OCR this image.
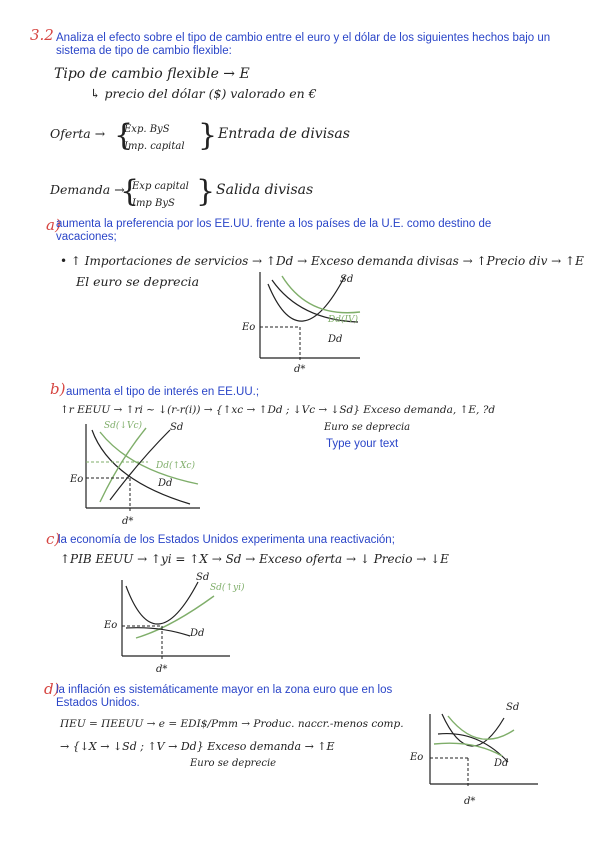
3.2 Analiza el efecto sobre el tipo de cambio entre el euro y el dólar de los siguientes hechos bajo un sistema de tipo de cambio flexible:
Tipo de cambio flexible → E
↳ precio del dólar ($) valorado en €
Oferta → {
Exp. ByS
Imp. capital } Entrada de divisas
Demanda →
{
Exp capital
Imp ByS } Salida divisas
a)
aumenta la preferencia por los EE.UU. frente a los países de la U.E. como destino de vacaciones;
• ↑ Importaciones de servicios → ↑Dd → Exceso demanda divisas → ↑Precio div → ↑E
El euro se deprecia	Sd
Dd
Dd(IV)
Eo
d*
b) aumenta el tipo de interés en EE.UU.;
↑r EEUU → ↑ri ∼ ↓(r-r(i)) → {↑xc → ↑Dd ; ↓Vc → ↓Sd} Exceso demanda, ↑E, ?d
Euro se deprecia
Type your text
Sd(↓Vc)	Sd
Dd(↑Xc)
Dd
Eo
d*
c)
la economía de los Estados Unidos experimenta una reactivación;
↑PIB EEUU → ↑yi = ↑X → Sd → Exceso oferta → ↓ Precio → ↓E
Sd
Sd(↑yi)
Dd
Eo
d*
d)
la inflación es sistemáticamente mayor en la zona euro que en los Estados Unidos.
ΠEU = ΠEEUU → e = EDI$/Pmm → Produc. naccr.-menos comp.
→ {↓X → ↓Sd ; ↑V → Dd} Exceso demanda → ↑E
Euro se deprecie
Sd
Dd
Eo
d*
